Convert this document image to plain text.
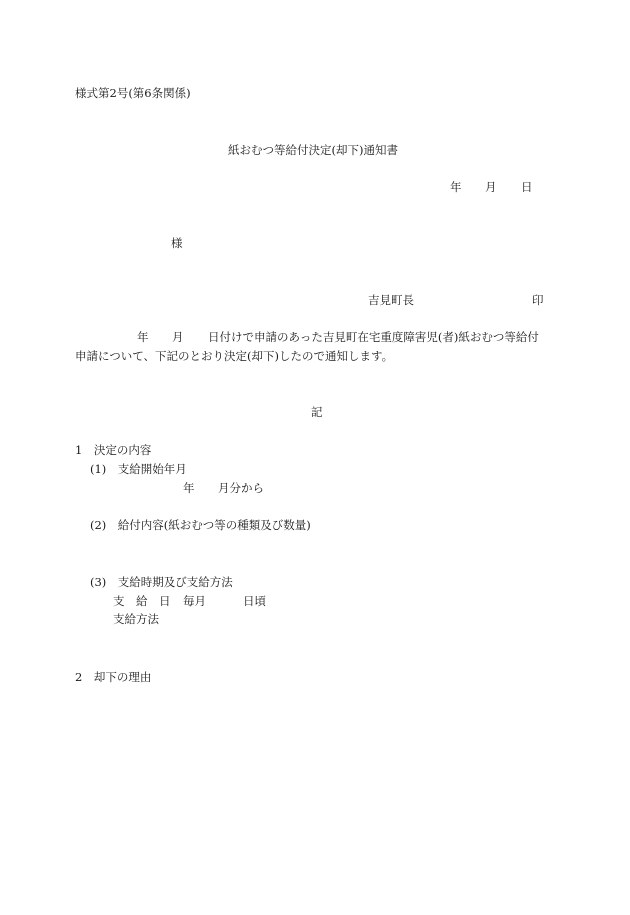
様式第2号(第6条関係)
紙おむつ等給付決定(却下)通知書
年 月 日
様
吉見町長	印
年 月 日付けで申請のあった吉見町在宅重度障害児(者)紙おむつ等給付
申請について、下記のとおり決定(却下)したので通知します。
記
1　決定の内容
(1)　支給開始年月
年 月分から
(2)　給付内容(紙おむつ等の種類及び数量)
(3)　支給時期及び支給方法
支　給　日 毎月	日頃
支給方法
2　却下の理由
